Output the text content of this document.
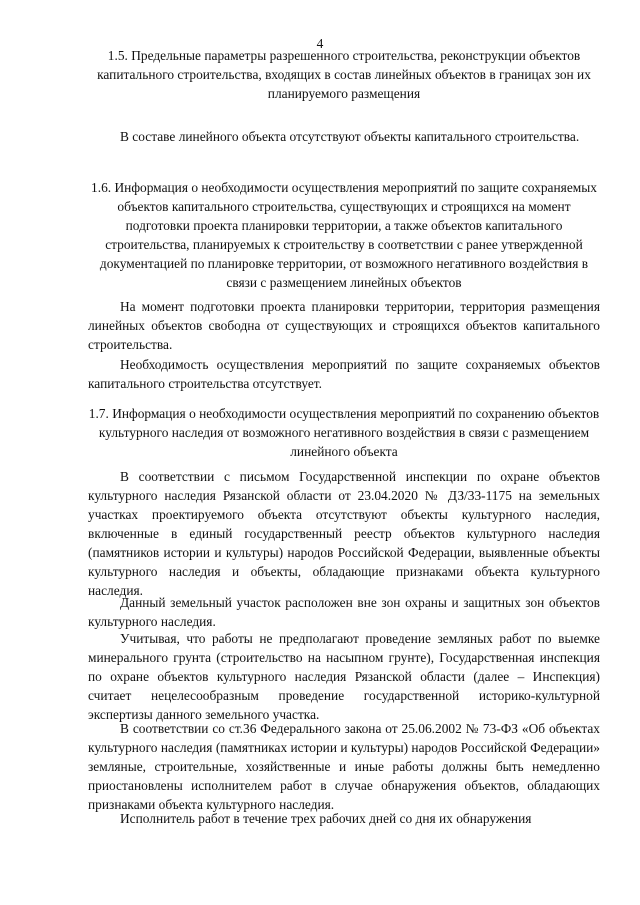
4
1.5. Предельные параметры разрешенного строительства, реконструкции объектов капитального строительства, входящих в состав линейных объектов в границах зон их планируемого размещения
В составе линейного объекта отсутствуют объекты капитального строительства.
1.6. Информация о необходимости осуществления мероприятий по защите сохраняемых объектов капитального строительства, существующих и строящихся на момент подготовки проекта планировки территории, а также объектов капитального строительства, планируемых к строительству в соответствии с ранее утвержденной документацией по планировке территории, от возможного негативного воздействия в связи с размещением линейных объектов
На момент подготовки проекта планировки территории, территория размещения линейных объектов свободна от существующих и строящихся объектов капитального строительства.
Необходимость осуществления мероприятий по защите сохраняемых объектов капитального строительства отсутствует.
1.7. Информация о необходимости осуществления мероприятий по сохранению объектов культурного наследия от возможного негативного воздействия в связи с размещением линейного объекта
В соответствии с письмом Государственной инспекции по охране объектов культурного наследия Рязанской области от 23.04.2020 № ДЗ/33-1175 на земельных участках проектируемого объекта отсутствуют объекты культурного наследия, включенные в единый государственный реестр объектов культурного наследия (памятников истории и культуры) народов Российской Федерации, выявленные объекты культурного наследия и объекты, обладающие признаками объекта культурного наследия.
Данный земельный участок расположен вне зон охраны и защитных зон объектов культурного наследия.
Учитывая, что работы не предполагают проведение земляных работ по выемке минерального грунта (строительство на насыпном грунте), Государственная инспекция по охране объектов культурного наследия Рязанской области (далее – Инспекция) считает нецелесообразным проведение государственной историко-культурной экспертизы данного земельного участка.
В соответствии со ст.36 Федерального закона от 25.06.2002 № 73-ФЗ «Об объектах культурного наследия (памятниках истории и культуры) народов Российской Федерации» земляные, строительные, хозяйственные и иные работы должны быть немедленно приостановлены исполнителем работ в случае обнаружения объектов, обладающих признаками объекта культурного наследия.
Исполнитель работ в течение трех рабочих дней со дня их обнаружения
